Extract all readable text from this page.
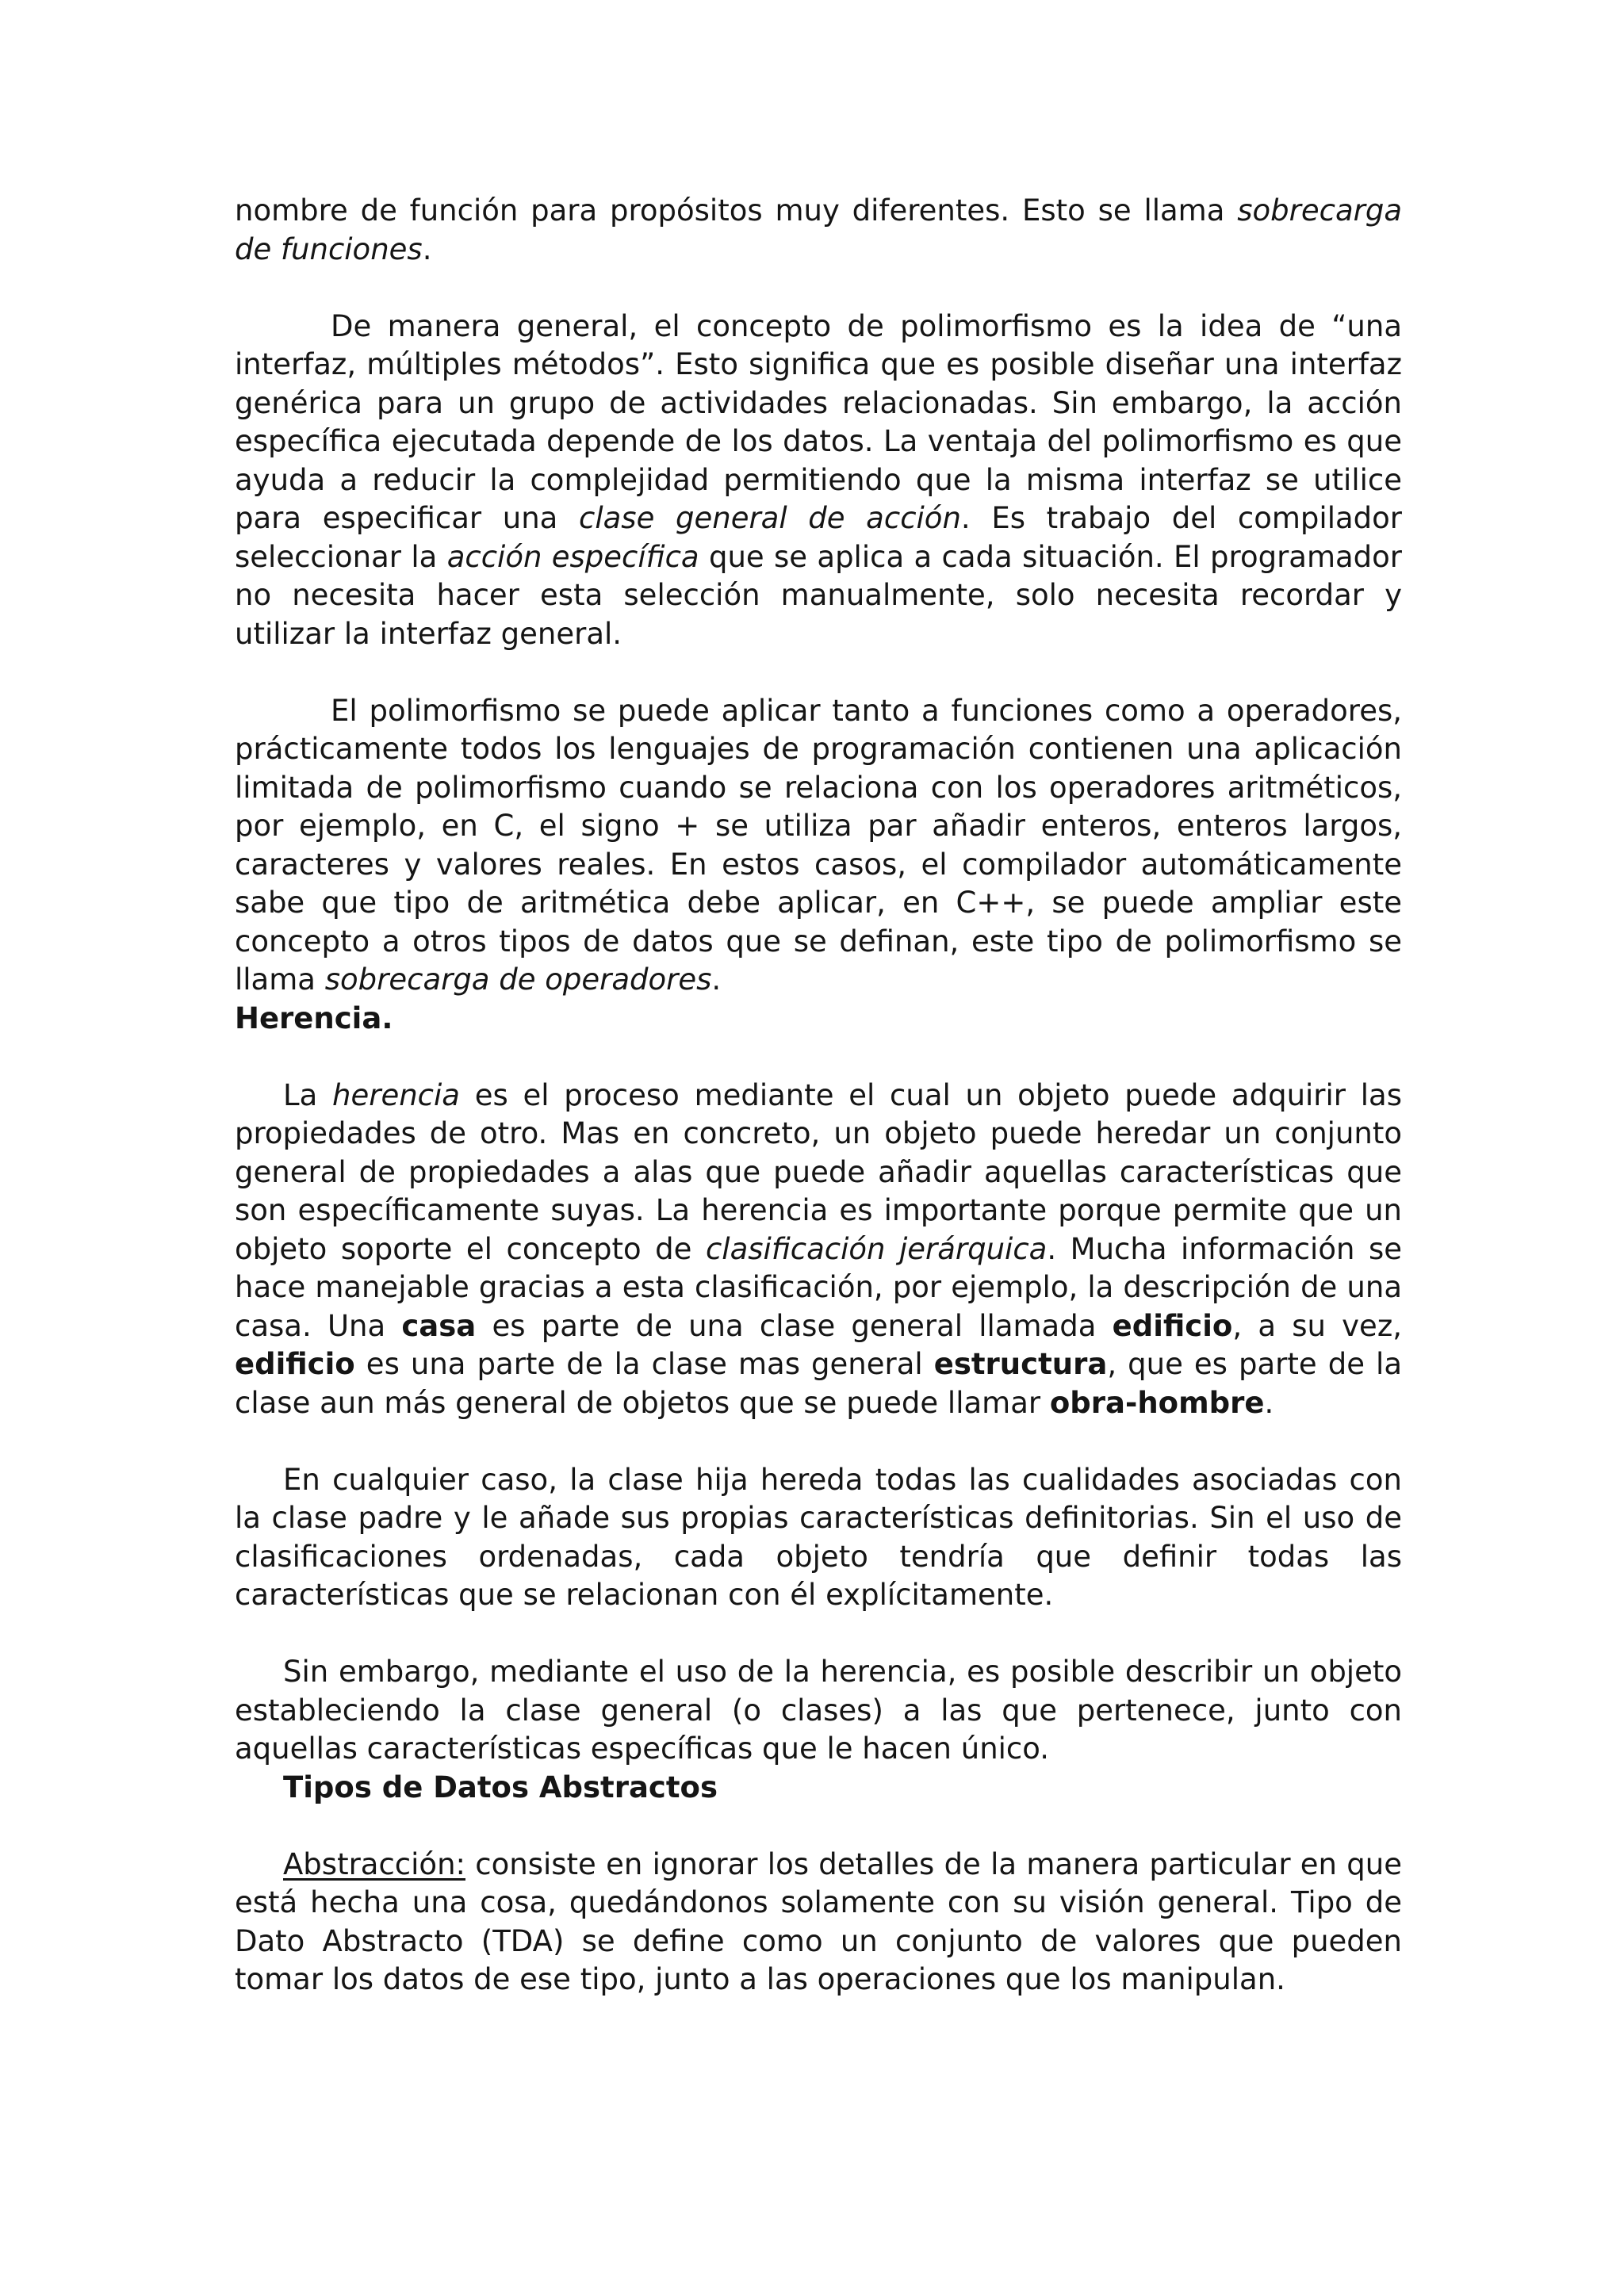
nombre de función para propósitos muy diferentes. Esto se llama sobrecarga de funciones.

De manera general, el concepto de polimorfismo es la idea de “una interfaz, múltiples métodos”. Esto significa que es posible diseñar una interfaz genérica para un grupo de actividades relacionadas. Sin embargo, la acción específica ejecutada depende de los datos. La ventaja del polimorfismo es que ayuda a reducir la complejidad permitiendo que la misma interfaz se utilice para especificar una clase general de acción. Es trabajo del compilador seleccionar la acción específica que se aplica a cada situación. El programador no necesita hacer esta selección manualmente, solo necesita recordar y utilizar la interfaz general.

El polimorfismo se puede aplicar tanto a funciones como a operadores, prácticamente todos los lenguajes de programación contienen una aplicación limitada de polimorfismo cuando se relaciona con los operadores aritméticos, por ejemplo, en C, el signo + se utiliza par añadir enteros, enteros largos, caracteres y valores reales. En estos casos, el compilador automáticamente sabe que tipo de aritmética debe aplicar, en C++, se puede ampliar este concepto a otros tipos de datos que se definan, este tipo de polimorfismo se llama sobrecarga de operadores.

Herencia.

La herencia es el proceso mediante el cual un objeto puede adquirir las propiedades de otro. Mas en concreto, un objeto puede heredar un conjunto general de propiedades a alas que puede añadir aquellas características que son específicamente suyas. La herencia es importante porque permite que un objeto soporte el concepto de clasificación jerárquica. Mucha información se hace manejable gracias a esta clasificación, por ejemplo, la descripción de una casa. Una casa es parte de una clase general llamada edificio, a su vez, edificio es una parte de la clase mas general estructura, que es parte de la clase aun más general de objetos que se puede llamar obra-hombre.

En cualquier caso, la clase hija hereda todas las cualidades asociadas con la clase padre y le añade sus propias características definitorias. Sin el uso de clasificaciones ordenadas, cada objeto tendría que definir todas las características que se relacionan con él explícitamente.

Sin embargo, mediante el uso de la herencia, es posible describir un objeto estableciendo la clase general (o clases) a las que pertenece, junto con aquellas características específicas que le hacen único.

Tipos de Datos Abstractos

Abstracción: consiste en ignorar los detalles de la manera particular en que está hecha una cosa, quedándonos solamente con su visión general. Tipo de Dato Abstracto (TDA) se define como un conjunto de valores que pueden tomar los datos de ese tipo, junto a las operaciones que los manipulan.
